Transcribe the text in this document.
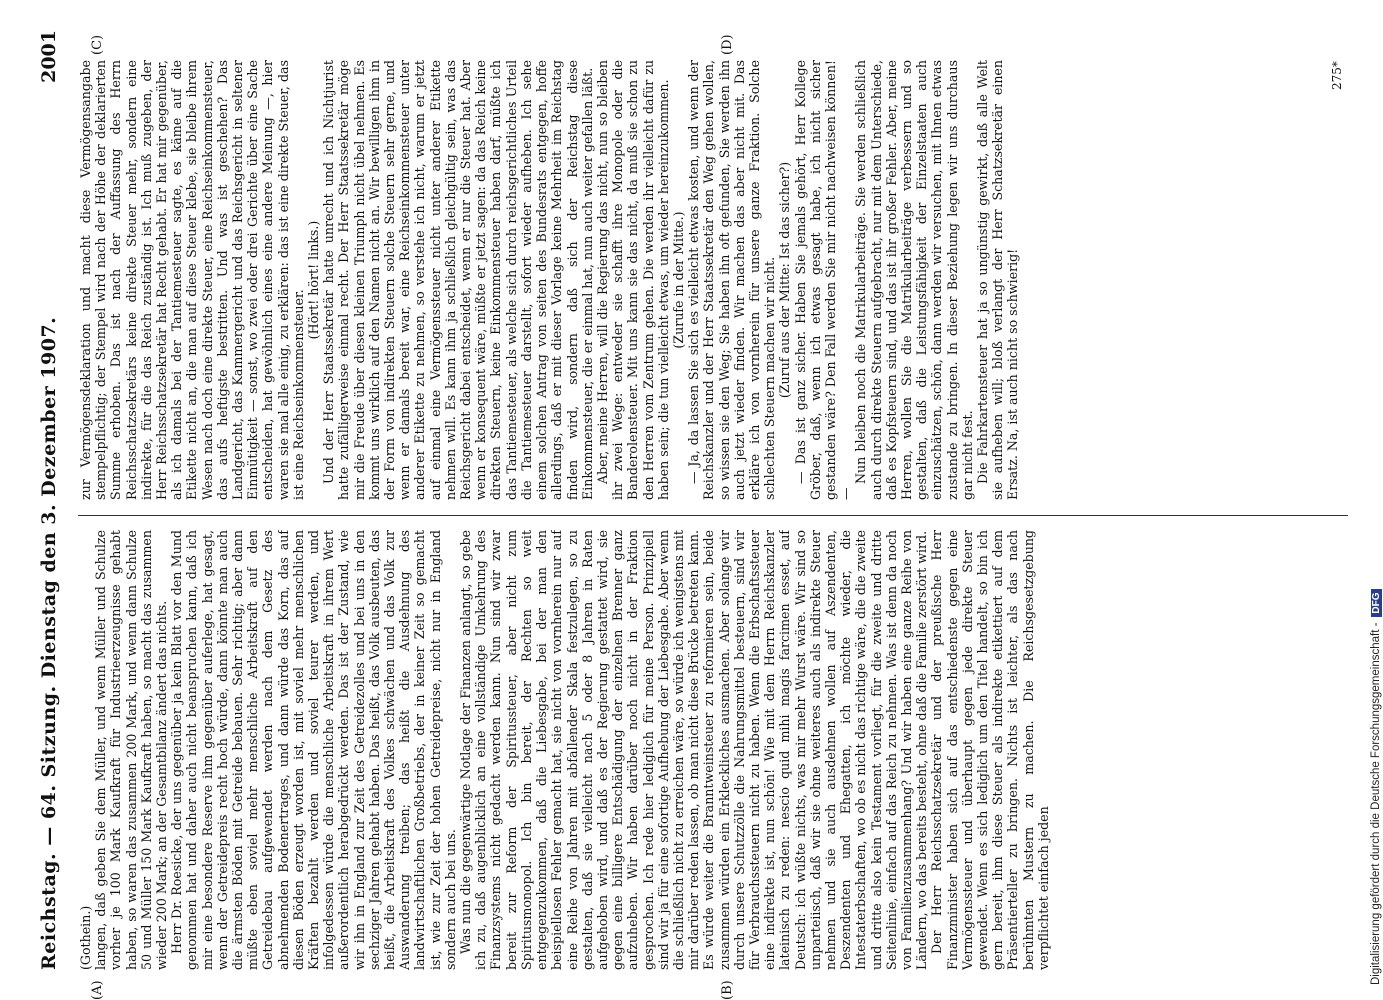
Reichstag. — 64. Sitzung. Dienstag den 3. Dezember 1907.
2001

(Gothein.) langen, daß geben Sie dem Müller, und wenn Müller und Schulze vorher je 100 Mark Kaufkraft für Industrieerzeugnisse gehabt haben, so waren das zusammen 200 Mark, und wenn dann Schulze 50 und Müller 150 Mark Kaufkraft haben, so macht das zusammen wieder 200 Mark; an der Gesamtbilanz ändert das nichts. Herr Dr. Roesicke, der uns gegenüber ja kein Blatt vor den Mund genommen hat und daher auch nicht beanspruchen kann, daß ich mir eine besondere Reserve ihm gegenüber auferlege, hat gesagt, wenn der Getreidepreis recht hoch würde, dann könnte man auch die ärmsten Böden mit Getreide bebauen. Sehr richtig; aber dann müßte eben soviel mehr menschliche Arbeitskraft auf den Getreidebau aufgewendet werden nach dem Gesetz des abnehmenden Bodenertrages, und dann würde das Korn, das auf diesen Böden erzeugt worden ist, mit soviel mehr menschlichen Kräften bezahlt werden und soviel teurer werden, und infolgedessen würde die menschliche Arbeitskraft in ihrem Wert außerordentlich herabgedrückt werden. Das ist der Zustand, wie wir ihn in England zur Zeit des Getreidezolles und bei uns in den sechziger Jahren gehabt haben. Das heißt, das Volk ausbeuten, das heißt, die Arbeitskraft des Volkes schwächen und das Volk zur Auswanderung treiben; das heißt die Ausdehnung des landwirtschaftlichen Großbetriebs, der in keiner Zeit so gemacht ist, wie zur Zeit der hohen Getreidepreise, nicht nur in England sondern auch bei uns. Was nun die gegenwärtige Notlage der Finanzen anlangt, so gebe ich zu, daß augenblicklich an eine vollständige Umkehrung des Finanzsystems nicht gedacht werden kann. Nun sind wir zwar bereit zur Reform der Spiritussteuer, aber nicht zum Spiritusmonopol. Ich bin bereit, der Rechten so weit entgegenzukommen, daß die Liebesgabe, bei der man den beispiellosen Fehler gemacht hat, sie nicht von vornherein nur auf eine Reihe von Jahren mit abfallender Skala festzulegen, so zu gestalten, daß sie vielleicht nach 5 oder 8 Jahren in Raten aufgehoben wird, und daß es der Regierung gestattet wird, sie gegen eine billigere Entschädigung der einzelnen Brenner ganz aufzuheben. Wir haben darüber noch nicht in der Fraktion gesprochen. Ich rede hier lediglich für meine Person. Prinzipiell sind wir ja für eine sofortige Aufhebung der Liebesgabe. Aber wenn die schließlich nicht zu erreichen wäre, so würde ich wenigstens mit mir darüber reden lassen, ob man nicht diese Brücke betreten kann. Es würde weiter die Branntweinsteuer zu reformieren sein, beide zusammen würden ein Erkleckliches ausmachen. Aber solange wir durch unsere Schutzzölle die Nahrungsmittel besteuern, sind wir für Verbrauchssteuern nicht zu haben. Wenn die Erbschaftssteuer eine indirekte ist, nun schön! Wie mit dem Herrn Reichskanzler lateinisch zu reden: nescio quid mihi magis farcimen esset, auf Deutsch: ich wüßte nichts, was mir mehr Wurst wäre. Wir sind so unparteiisch, daß wir sie ohne weiteres auch als indirekte Steuer nehmen und sie auch ausdehnen wollen auf Aszendenten, Deszendenten und Ehegatten, ich möchte wieder, die Intestaterbschaften, wo ob es nicht das richtige wäre, die die zweite und dritte also kein Testament vorliegt, für die zweite und dritte Seitenlinie, einfach auf das Reich zu nehmen. Was ist denn da noch von Familienzusammenhang? Und wir haben eine ganze Reihe von Ländern, wo das bereits besteht, ohne daß die Familie zerstört wird. Der Herr Reichsschatzsekretär und der preußische Herr Finanzminister haben sich auf das entschiedenste gegen eine Vermögenssteuer und überhaupt gegen jede direkte Steuer gewendet. Wenn es sich lediglich um den Titel handelt, so bin ich gern bereit, ihm diese Steuer als indirekte etikettiert auf dem Präsentierteller zu bringen. Nichts ist leichter, als das nach berühmten Mustern zu machen. Die Reichsgesetzgebung verpflichtet einfach jeden

zur Vermögensdeklaration und macht diese Vermögensangabe stempelpflichtig; der Stempel wird nach der Höhe der deklarierten Summe erhoben. Das ist nach der Auffassung des Herrn Reichsschatzsekretärs keine direkte Steuer mehr, sondern eine indirekte, für die das Reich zuständig ist. Ich muß zugeben, der Herr Reichsschatzsekretär hat Recht gehabt. Er hat mir gegenüber, als ich damals bei der Tantiemesteuer sagte, es käme auf die Etikette nicht an, die man auf diese Steuer klebe, sie bleibe ihrem Wesen nach doch eine direkte Steuer, eine Reichseinkommensteuer, das aufs heftigste bestritten. Und was ist geschehen? Das Landgericht, das Kammergericht und das Reichsgericht in seltener Einmütigkeit — sonst, wo zwei oder drei Gerichte über eine Sache entscheiden, hat gewöhnlich eines eine andere Meinung —, hier waren sie mal alle einig, zu erklären: das ist eine direkte Steuer, das ist eine Reichseinkommensteuer.

(Hört! hört! links.) Und der Herr Staatssekretär hatte unrecht und ich Nichtjurist hatte zufälligerweise einmal recht. Der Herr Staatssekretär möge mir die Freude über diesen kleinen Triumph nicht übel nehmen. Es kommt uns wirklich auf den Namen nicht an. Wir bewilligen ihm in der Form von indirekten Steuern solche Steuern sehr gerne, und wenn er damals bereit war, eine Reichseinkommensteuer unter anderer Etikette zu nehmen, so verstehe ich nicht, warum er jetzt auf einmal eine Vermögenssteuer nicht unter anderer Etikette nehmen will. Es kann ihm ja schließlich gleichgültig sein, was das Reichsgericht dabei entscheidet, wenn er nur die Steuer hat. Aber wenn er konsequent wäre, müßte er jetzt sagen: da das Reich keine direkten Steuern, keine Einkommensteuer haben darf, müßte ich das Tantiemesteuer, als welche sich durch reichsgerichtliches Urteil die Tantiemesteuer darstellt, sofort wieder aufheben. Ich sehe einem solchen Antrag von seiten des Bundesrats entgegen, hoffe allerdings, daß er mit dieser Vorlage keine Mehrheit im Reichstag finden wird, sondern daß sich der Reichstag diese Einkommensteuer, die er einmal hat, nun auch weiter gefallen läßt. Aber, meine Herren, will die Regierung das nicht, nun so bleiben ihr zwei Wege: entweder sie schafft ihre Monopole oder die Banderolensteuer. Mit uns kann sie das nicht, da muß sie schon zu den Herren vom Zentrum gehen. Die werden ihr vielleicht dafür zu haben sein; die tun vielleicht etwas, um wieder hereinzukommen. (Zurufe in der Mitte.) — Ja, da lassen Sie sich es vielleicht etwas kosten, und wenn der Reichskanzler und der Herr Staatssekretär den Weg gehen wollen, so wissen sie den Weg; Sie haben ihn oft gefunden, Sie werden ihn auch jetzt wieder finden. Wir machen das aber nicht mit. Das erkläre ich von vornherein für unsere ganze Fraktion. Solche schlechten Steuern machen wir nicht. (Zuruf aus der Mitte: Ist das sicher?) — Das ist ganz sicher. Haben Sie jemals gehört, Herr Kollege Gröber, daß, wenn ich etwas gesagt habe, ich nicht sicher gestanden wäre? Den Fall werden Sie mir nicht nachweisen können! —

Nun bleiben noch die Matrikularbeiträge. Sie werden schließlich auch durch direkte Steuern aufgebracht, nur mit dem Unterschiede, daß es Kopfsteuern sind, und das ist ihr großer Fehler. Aber, meine Herren, wollen Sie die Matrikularbeiträge verbessern und so gestalten, daß die Leistungsfähigkeit der Einzelstaaten auch einzuschätzen, schön, dann werden wir versuchen, mit Ihnen etwas zustande zu bringen. In dieser Beziehung legen wir uns durchaus gar nicht fest. Die Fahrkartensteuer hat ja so ungünstig gewirkt, daß alle Welt sie aufheben will; bloß verlangt der Herr Schatzsekretär einen Ersatz. Na, ist auch nicht so schwierig!

(A)	(B)
(C)	(D)
275*
Digitalisierung gefördert durch die Deutsche Forschungsgemeinschaft -DFG
